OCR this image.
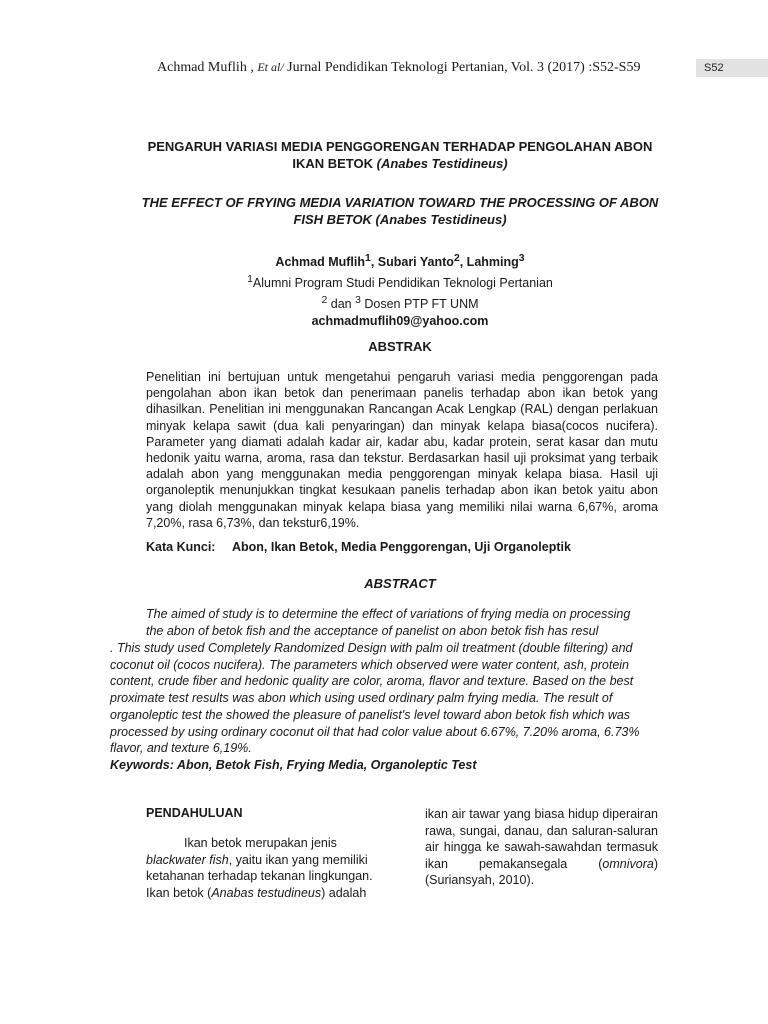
Achmad Muflih , Et al/ Jurnal Pendidikan Teknologi Pertanian, Vol. 3 (2017) :S52-S59	S52
PENGARUH VARIASI MEDIA PENGGORENGAN TERHADAP PENGOLAHAN ABON
IKAN BETOK (Anabes Testidineus)
THE EFFECT OF FRYING MEDIA VARIATION TOWARD THE PROCESSING OF ABON
FISH BETOK (Anabes Testidineus)
Achmad Muflih$^1$, Subari Yanto$^2$, Lahming$^3$
$^1$Alumni Program Studi Pendidikan Teknologi Pertanian
$^2$ dan $^3$ Dosen PTP FT UNM
achmadmuflih09@yahoo.com
ABSTRAK
Penelitian ini bertujuan untuk mengetahui pengaruh variasi media penggorengan pada pengolahan abon ikan betok dan penerimaan panelis terhadap abon ikan betok yang dihasilkan. Penelitian ini menggunakan Rancangan Acak Lengkap (RAL) dengan perlakuan minyak kelapa sawit (dua kali penyaringan) dan minyak kelapa biasa(cocos nucifera). Parameter yang diamati adalah kadar air, kadar abu, kadar protein, serat kasar dan mutu hedonik yaitu warna, aroma, rasa dan tekstur. Berdasarkan hasil uji proksimat yang terbaik adalah abon yang menggunakan media penggorengan minyak kelapa biasa. Hasil uji organoleptik menunjukkan tingkat kesukaan panelis terhadap abon ikan betok yaitu abon yang diolah menggunakan minyak kelapa biasa yang memiliki nilai warna 6,67%, aroma 7,20%, rasa 6,73%, dan tekstur6,19%.
Kata Kunci: Abon, Ikan Betok, Media Penggorengan, Uji Organoleptik
ABSTRACT
The aimed of study is to determine the effect of variations of frying media on processing
the abon of betok fish and the acceptance of panelist on abon betok fish has resul
. This study used Completely Randomized Design with palm oil treatment (double filtering) and
coconut oil (cocos nucifera). The parameters which observed were water content, ash, protein
content, crude fiber and hedonic quality are color, aroma, flavor and texture. Based on the best
proximate test results was abon which using used ordinary palm frying media. The result of
organoleptic test the showed the pleasure of panelist's level toward abon betok fish which was
processed by using ordinary coconut oil that had color value about 6.67%, 7.20% aroma, 6.73%
flavor, and texture 6,19%.
Keywords: Abon, Betok Fish, Frying Media, Organoleptic Test
PENDAHULUAN

Ikan betok merupakan jenis blackwater fish, yaitu ikan yang memiliki ketahanan terhadap tekanan lingkungan. Ikan betok (Anabas testudineus) adalah

ikan air tawar yang biasa hidup diperairan rawa, sungai, danau, dan saluran-saluran air hingga ke sawah-sawahdan termasuk ikan pemakansegala (omnivora) (Suriansyah, 2010).
